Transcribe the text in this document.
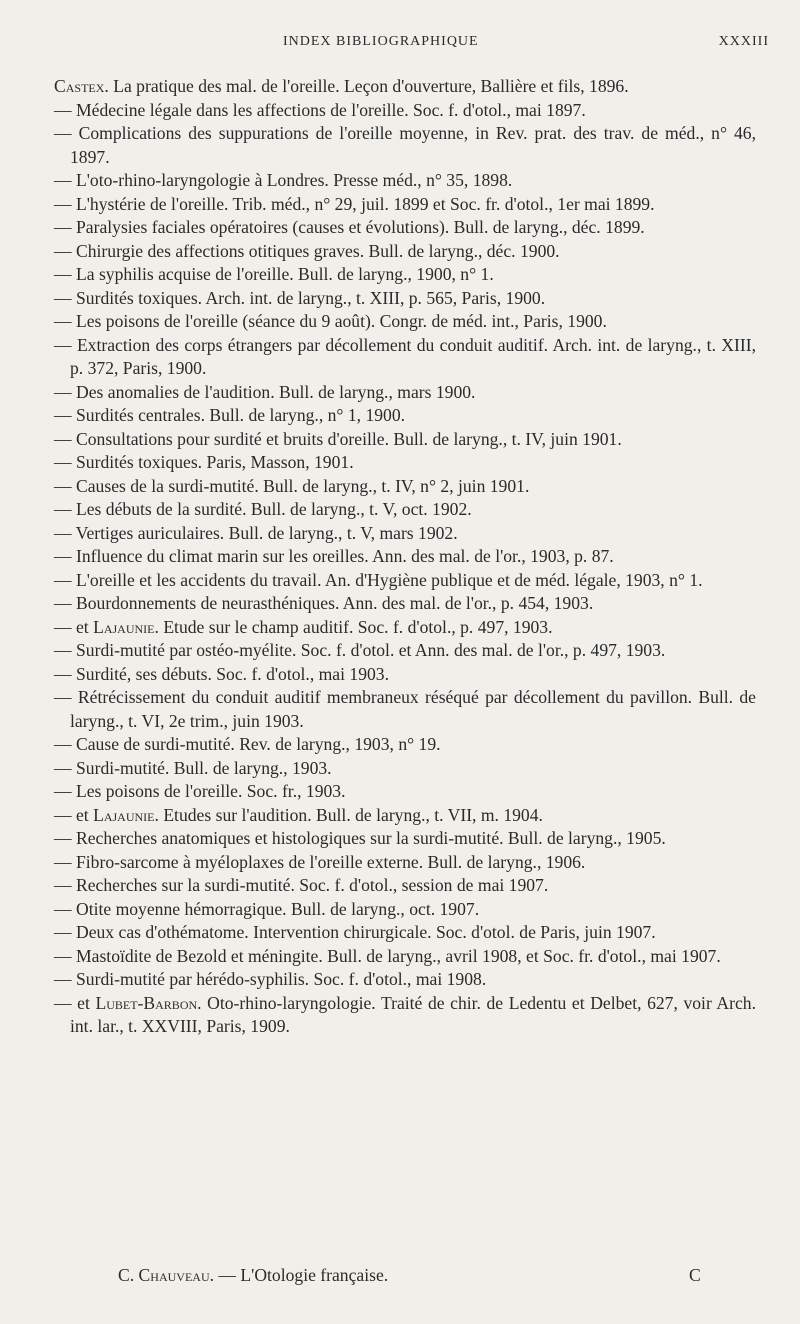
INDEX BIBLIOGRAPHIQUE	XXXIII
Castex. La pratique des mal. de l'oreille. Leçon d'ouverture, Ballière et fils, 1896.
— Médecine légale dans les affections de l'oreille. Soc. f. d'otol., mai 1897.
— Complications des suppurations de l'oreille moyenne, in Rev. prat. des trav. de méd., n° 46, 1897.
— L'oto-rhino-laryngologie à Londres. Presse méd., n° 35, 1898.
— L'hystérie de l'oreille. Trib. méd., n° 29, juil. 1899 et Soc. fr. d'otol., 1er mai 1899.
— Paralysies faciales opératoires (causes et évolutions). Bull. de laryng., déc. 1899.
— Chirurgie des affections otitiques graves. Bull. de laryng., déc. 1900.
— La syphilis acquise de l'oreille. Bull. de laryng., 1900, n° 1.
— Surdités toxiques. Arch. int. de laryng., t. XIII, p. 565, Paris, 1900.
— Les poisons de l'oreille (séance du 9 août). Congr. de méd. int., Paris, 1900.
— Extraction des corps étrangers par décollement du conduit auditif. Arch. int. de laryng., t. XIII, p. 372, Paris, 1900.
— Des anomalies de l'audition. Bull. de laryng., mars 1900.
— Surdités centrales. Bull. de laryng., n° 1, 1900.
— Consultations pour surdité et bruits d'oreille. Bull. de laryng., t. IV, juin 1901.
— Surdités toxiques. Paris, Masson, 1901.
— Causes de la surdi-mutité. Bull. de laryng., t. IV, n° 2, juin 1901.
— Les débuts de la surdité. Bull. de laryng., t. V, oct. 1902.
— Vertiges auriculaires. Bull. de laryng., t. V, mars 1902.
— Influence du climat marin sur les oreilles. Ann. des mal. de l'or., 1903, p. 87.
— L'oreille et les accidents du travail. An. d'Hygiène publique et de méd. légale, 1903, n° 1.
— Bourdonnements de neurasthéniques. Ann. des mal. de l'or., p. 454, 1903.
— et Lajaunie. Etude sur le champ auditif. Soc. f. d'otol., p. 497, 1903.
— Surdi-mutité par ostéo-myélite. Soc. f. d'otol. et Ann. des mal. de l'or., p. 497, 1903.
— Surdité, ses débuts. Soc. f. d'otol., mai 1903.
— Rétrécissement du conduit auditif membraneux réséqué par décollement du pavillon. Bull. de laryng., t. VI, 2e trim., juin 1903.
— Cause de surdi-mutité. Rev. de laryng., 1903, n° 19.
— Surdi-mutité. Bull. de laryng., 1903.
— Les poisons de l'oreille. Soc. fr., 1903.
— et Lajaunie. Etudes sur l'audition. Bull. de laryng., t. VII, m. 1904.
— Recherches anatomiques et histologiques sur la surdi-mutité. Bull. de laryng., 1905.
— Fibro-sarcome à myéloplaxes de l'oreille externe. Bull. de laryng., 1906.
— Recherches sur la surdi-mutité. Soc. f. d'otol., session de mai 1907.
— Otite moyenne hémorragique. Bull. de laryng., oct. 1907.
— Deux cas d'othématome. Intervention chirurgicale. Soc. d'otol. de Paris, juin 1907.
— Mastoïdite de Bezold et méningite. Bull. de laryng., avril 1908, et Soc. fr. d'otol., mai 1907.
— Surdi-mutité par hérédo-syphilis. Soc. f. d'otol., mai 1908.
— et Lubet-Barbon. Oto-rhino-laryngologie. Traité de chir. de Ledentu et Delbet, 627, voir Arch. int. lar., t. XXVIII, Paris, 1909.
C. Chauveau. — L'Otologie française.	C
